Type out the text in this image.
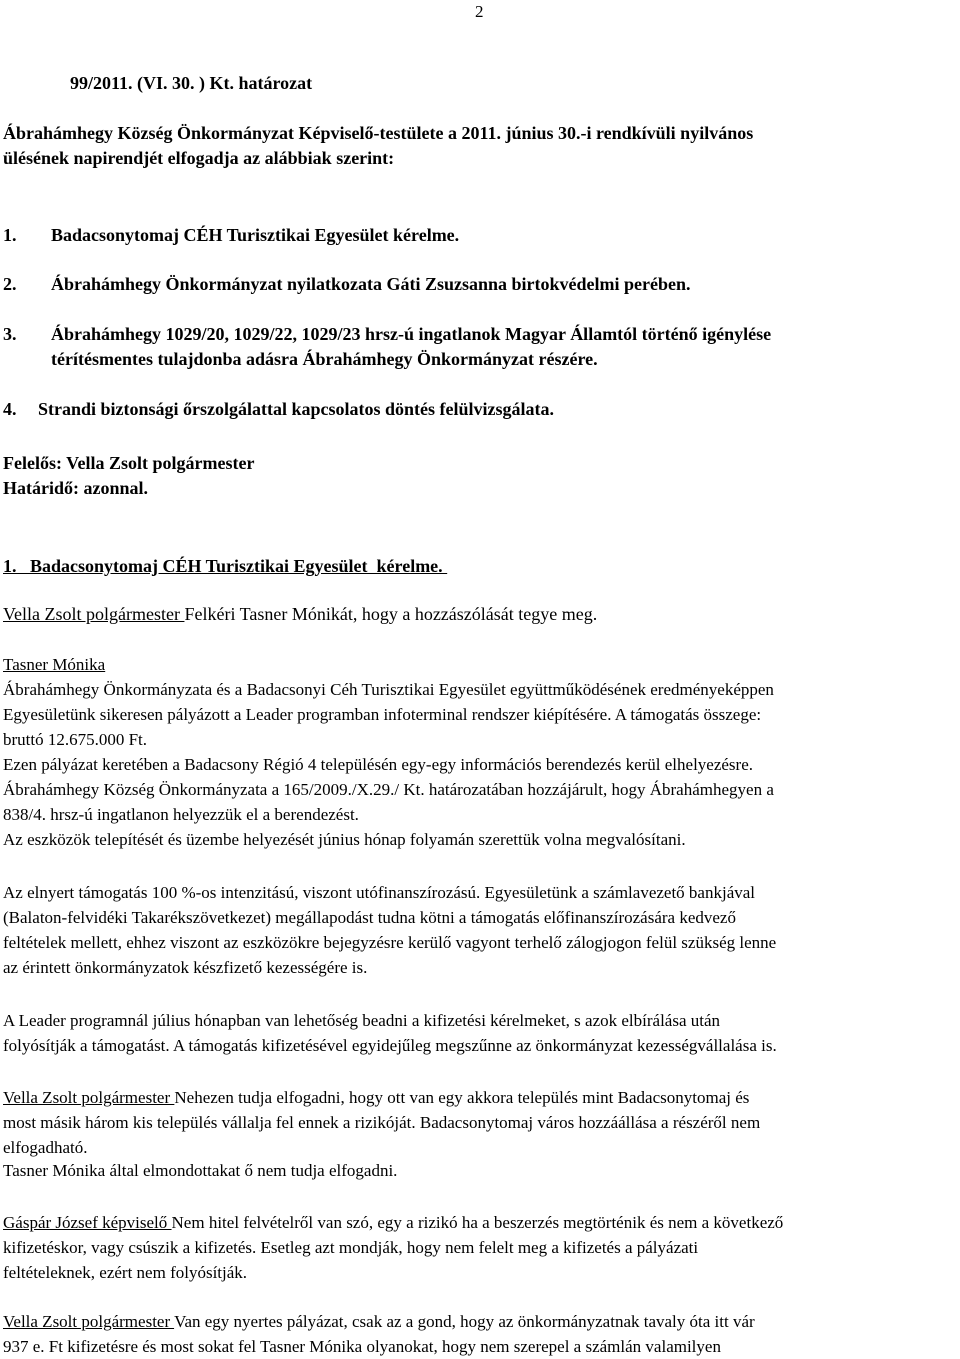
2
99/2011. (VI. 30. ) Kt. határozat
Ábrahámhegy Község Önkormányzat Képviselő-testülete a 2011. június 30.-i rendkívüli nyilvános
ülésének napirendjét elfogadja az alábbiak szerint:
1. Badacsonytomaj CÉH Turisztikai Egyesület kérelme.
2. Ábrahámhegy Önkormányzat nyilatkozata Gáti Zsuzsanna birtokvédelmi perében.
3. Ábrahámhegy 1029/20, 1029/22, 1029/23 hrsz-ú ingatlanok Magyar Államtól történő igénylése
térítésmentes tulajdonba adásra Ábrahámhegy Önkormányzat részére.
4. Strandi biztonsági őrszolgálattal kapcsolatos döntés felülvizsgálata.
Felelős: Vella Zsolt polgármester
Határidő: azonnal.
1.   Badacsonytomaj CÉH Turisztikai Egyesület  kérelme.
Vella Zsolt polgármester Felkéri Tasner Mónikát, hogy a hozzászólását tegye meg.
Tasner Mónika
Ábrahámhegy Önkormányzata és a Badacsonyi Céh Turisztikai Egyesület együttműködésének eredményeképpen
Egyesületünk sikeresen pályázott a Leader programban infoterminal rendszer kiépítésére. A támogatás összege:
bruttó 12.675.000 Ft.
Ezen pályázat keretében a Badacsony Régió 4 településén egy-egy információs berendezés kerül elhelyezésre.
Ábrahámhegy Község Önkormányzata a 165/2009./X.29./ Kt. határozatában hozzájárult, hogy Ábrahámhegyen a
838/4. hrsz-ú ingatlanon helyezzük el a berendezést.
Az eszközök telepítését és üzembe helyezését június hónap folyamán szerettük volna megvalósítani.
Az elnyert támogatás 100 %-os intenzitású, viszont utófinanszírozású. Egyesületünk a számlavezető bankjával
(Balaton-felvidéki Takarékszövetkezet) megállapodást tudna kötni a támogatás előfinanszírozására kedvező
feltételek mellett, ehhez viszont az eszközökre bejegyzésre kerülő vagyont terhelő zálogjogon felül szükség lenne
az érintett önkormányzatok készfizető kezességére is.
A Leader programnál július hónapban van lehetőség beadni a kifizetési kérelmeket, s azok elbírálása után
folyósítják a támogatást. A támogatás kifizetésével egyidejűleg megszűnne az önkormányzat kezességvállalása is.
Vella Zsolt polgármester Nehezen tudja elfogadni, hogy ott van egy akkora település mint Badacsonytomaj és
most másik három kis település vállalja fel ennek a rizikóját. Badacsonytomaj város hozzáállása a részéről nem
elfogadható.
Tasner Mónika által elmondottakat ő nem tudja elfogadni.
Gáspár József képviselő Nem hitel felvételről van szó, egy a rizikó ha a beszerzés megtörténik és nem a következő
kifizetéskor, vagy csúszik a kifizetés. Esetleg azt mondják, hogy nem felelt meg a kifizetés a pályázati
feltételeknek, ezért nem folyósítják.
Vella Zsolt polgármester Van egy nyertes pályázat, csak az a gond, hogy az önkormányzatnak tavaly óta itt vár
937 e. Ft kifizetésre és most sokat fel Tasner Mónika olyanokat, hogy nem szerepel a számlán valamilyen
